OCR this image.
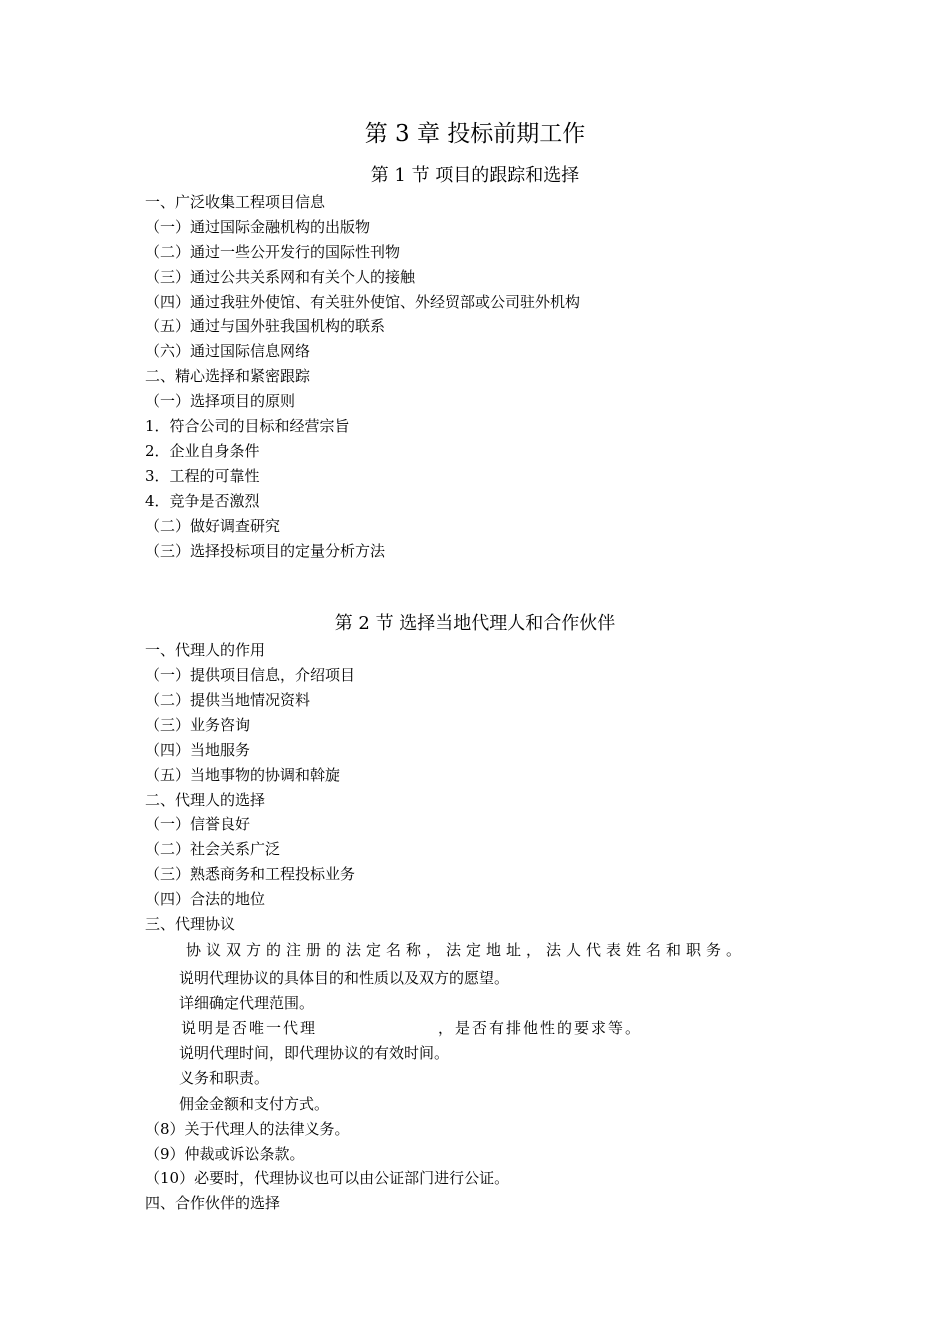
第 3 章 投标前期工作
第 1 节 项目的跟踪和选择
一、广泛收集工程项目信息
（一）通过国际金融机构的出版物
（二）通过一些公开发行的国际性刊物
（三）通过公共关系网和有关个人的接触
（四）通过我驻外使馆、有关驻外使馆、外经贸部或公司驻外机构
（五）通过与国外驻我国机构的联系
（六）通过国际信息网络
二、精心选择和紧密跟踪
（一）选择项目的原则
1．符合公司的目标和经营宗旨
2．企业自身条件
3．工程的可靠性
4．竞争是否激烈
（二）做好调查研究
（三）选择投标项目的定量分析方法
第 2 节 选择当地代理人和合作伙伴
一、代理人的作用
（一）提供项目信息，介绍项目
（二）提供当地情况资料
（三）业务咨询
（四）当地服务
（五）当地事物的协调和斡旋
二、代理人的选择
（一）信誉良好
（二）社会关系广泛
（三）熟悉商务和工程投标业务
（四）合法的地位
三、代理协议
协议双方的注册的法定名称，法定地址，法人代表姓名和职务。
说明代理协议的具体目的和性质以及双方的愿望。
详细确定代理范围。
说明是否唯一代理	，是否有排他性的要求等。
说明代理时间，即代理协议的有效时间。
义务和职责。
佣金金额和支付方式。
（8）关于代理人的法律义务。
（9）仲裁或诉讼条款。
（10）必要时，代理协议也可以由公证部门进行公证。
四、合作伙伴的选择
